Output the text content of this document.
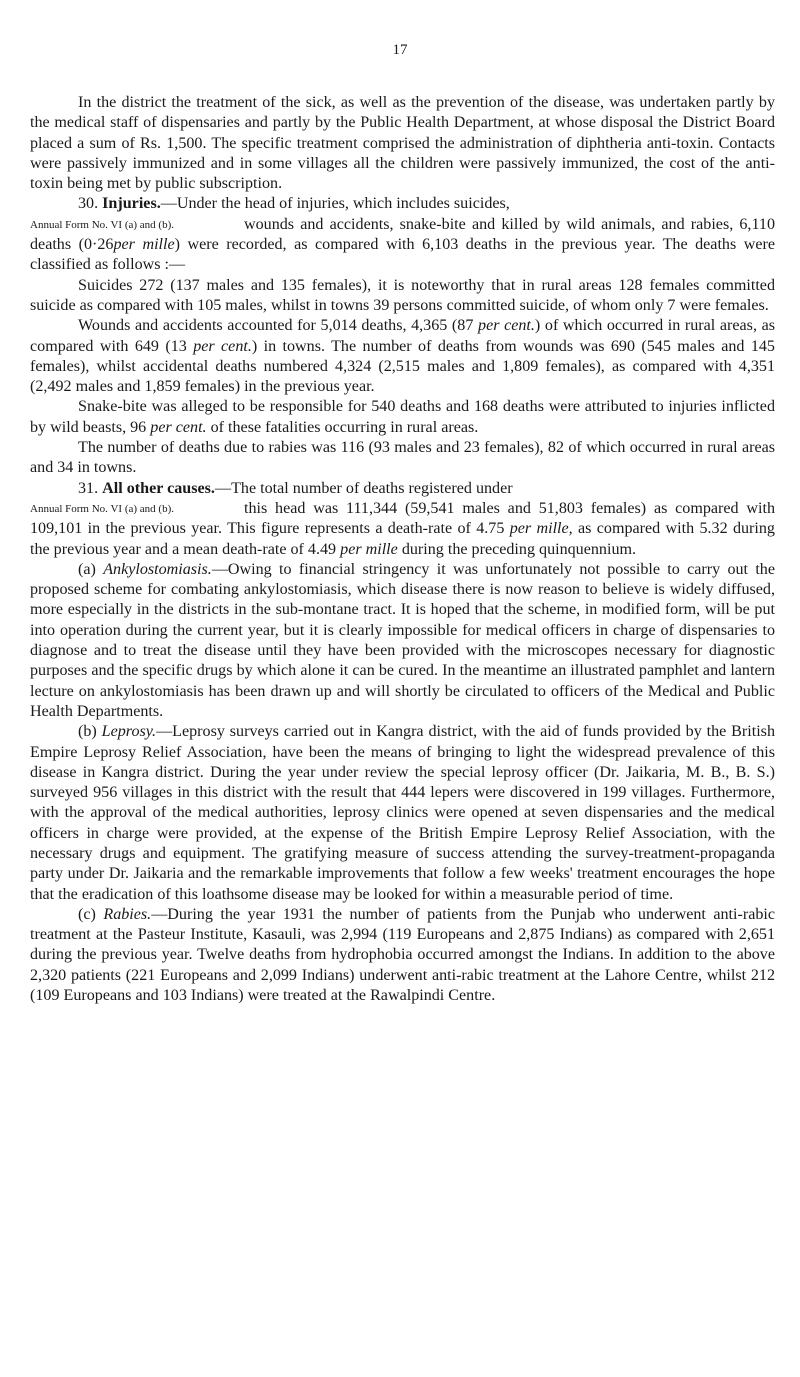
17

In the district the treatment of the sick, as well as the prevention of the disease, was undertaken partly by the medical staff of dispensaries and partly by the Public Health Department, at whose disposal the District Board placed a sum of Rs. 1,500. The specific treatment comprised the administration of diphtheria anti-toxin. Contacts were passively immunized and in some villages all the children were passively immunized, the cost of the anti-toxin being met by public subscription.

30. Injuries.—Under the head of injuries, which includes suicides,

Annual Form No. VI (a) and (b).	wounds and accidents, snake-bite and killed by wild animals, and rabies, 6,110 deaths (0·26per mille) were recorded, as compared with 6,103 deaths in the previous year. The deaths were classified as follows :—

Suicides 272 (137 males and 135 females), it is noteworthy that in rural areas 128 females committed suicide as compared with 105 males, whilst in towns 39 persons committed suicide, of whom only 7 were females.

Wounds and accidents accounted for 5,014 deaths, 4,365 (87 per cent.) of which occurred in rural areas, as compared with 649 (13 per cent.) in towns. The number of deaths from wounds was 690 (545 males and 145 females), whilst accidental deaths numbered 4,324 (2,515 males and 1,809 females), as compared with 4,351 (2,492 males and 1,859 females) in the previous year.

Snake-bite was alleged to be responsible for 540 deaths and 168 deaths were attributed to injuries inflicted by wild beasts, 96 per cent. of these fatalities occurring in rural areas.

The number of deaths due to rabies was 116 (93 males and 23 females), 82 of which occurred in rural areas and 34 in towns.

31. All other causes.—The total number of deaths registered under

Annual Form No. VI (a) and (b).	this head was 111,344 (59,541 males and 51,803 females) as compared with 109,101 in the previous year. This figure represents a death-rate of 4.75 per mille, as compared with 5.32 during the previous year and a mean death-rate of 4.49 per mille during the preceding quinquennium.

(a) Ankylostomiasis.—Owing to financial stringency it was unfortunately not possible to carry out the proposed scheme for combating ankylostomiasis, which disease there is now reason to believe is widely diffused, more especially in the districts in the sub-montane tract. It is hoped that the scheme, in modified form, will be put into operation during the current year, but it is clearly impossible for medical officers in charge of dispensaries to diagnose and to treat the disease until they have been provided with the microscopes necessary for diagnostic purposes and the specific drugs by which alone it can be cured. In the meantime an illustrated pamphlet and lantern lecture on ankylostomiasis has been drawn up and will shortly be circulated to officers of the Medical and Public Health Departments.

(b) Leprosy.—Leprosy surveys carried out in Kangra district, with the aid of funds provided by the British Empire Leprosy Relief Association, have been the means of bringing to light the widespread prevalence of this disease in Kangra district. During the year under review the special leprosy officer (Dr. Jaikaria, M. B., B. S.) surveyed 956 villages in this district with the result that 444 lepers were discovered in 199 villages. Furthermore, with the approval of the medical authorities, leprosy clinics were opened at seven dispensaries and the medical officers in charge were provided, at the expense of the British Empire Leprosy Relief Association, with the necessary drugs and equipment. The gratifying measure of success attending the survey-treatment-propaganda party under Dr. Jaikaria and the remarkable improvements that follow a few weeks' treatment encourages the hope that the eradication of this loathsome disease may be looked for within a measurable period of time.

(c) Rabies.—During the year 1931 the number of patients from the Punjab who underwent anti-rabic treatment at the Pasteur Institute, Kasauli, was 2,994 (119 Europeans and 2,875 Indians) as compared with 2,651 during the previous year. Twelve deaths from hydrophobia occurred amongst the Indians. In addition to the above 2,320 patients (221 Europeans and 2,099 Indians) underwent anti-rabic treatment at the Lahore Centre, whilst 212 (109 Europeans and 103 Indians) were treated at the Rawalpindi Centre.
